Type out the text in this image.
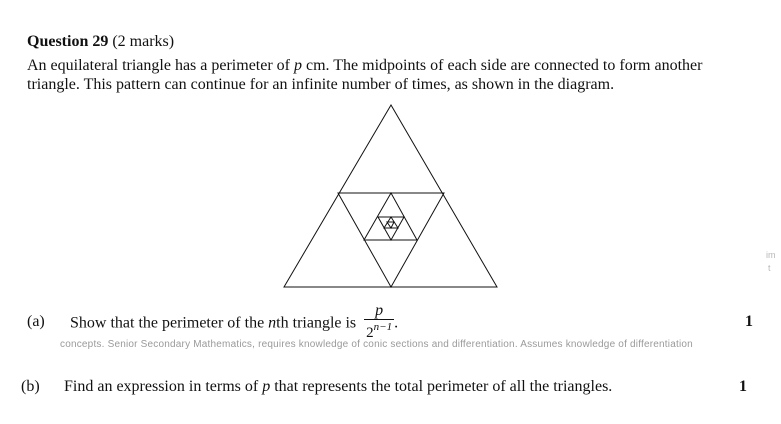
Question 29 (2 marks)
An equilateral triangle has a perimeter of p cm. The midpoints of each side are connected to form another
triangle. This pattern can continue for an infinite number of times, as shown in the diagram.
concepts. Senior Secondary Mathematics, requires knowledge of conic sections and differentiation. Assumes knowledge of differentiation
im
t
(a) Show that the perimeter of the nth triangle is $\frac{p}{2^{n-1}}$ .	1
(b) Find an expression in terms of p that represents the total perimeter of all the triangles.	1
